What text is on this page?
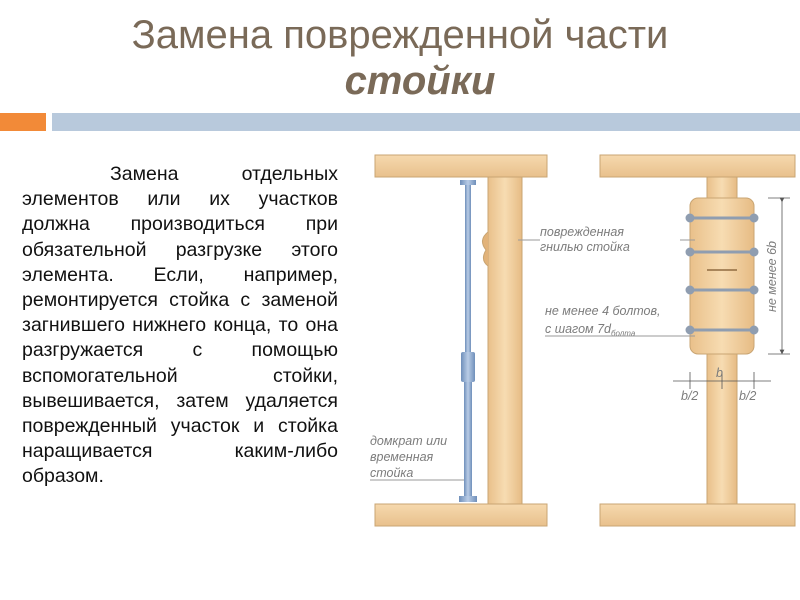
Замена поврежденной части
стойки
Замена отдельных элементов или их участков должна производиться при обязательной разгрузке этого элемента. Если, например, ремонтируется стойка с заменой загнившего нижнего конца, то она разгружается с помощью вспомогательной стойки, вывешивается, затем удаляется поврежденный участок и стойка наращивается каким-либо образом.
поврежденная
гнилью стойка
домкрат или
временная
стойка
не менее 6b
не менее 4 болтов,
с шагом $7d_{болта}$
b
b/2	b/2
